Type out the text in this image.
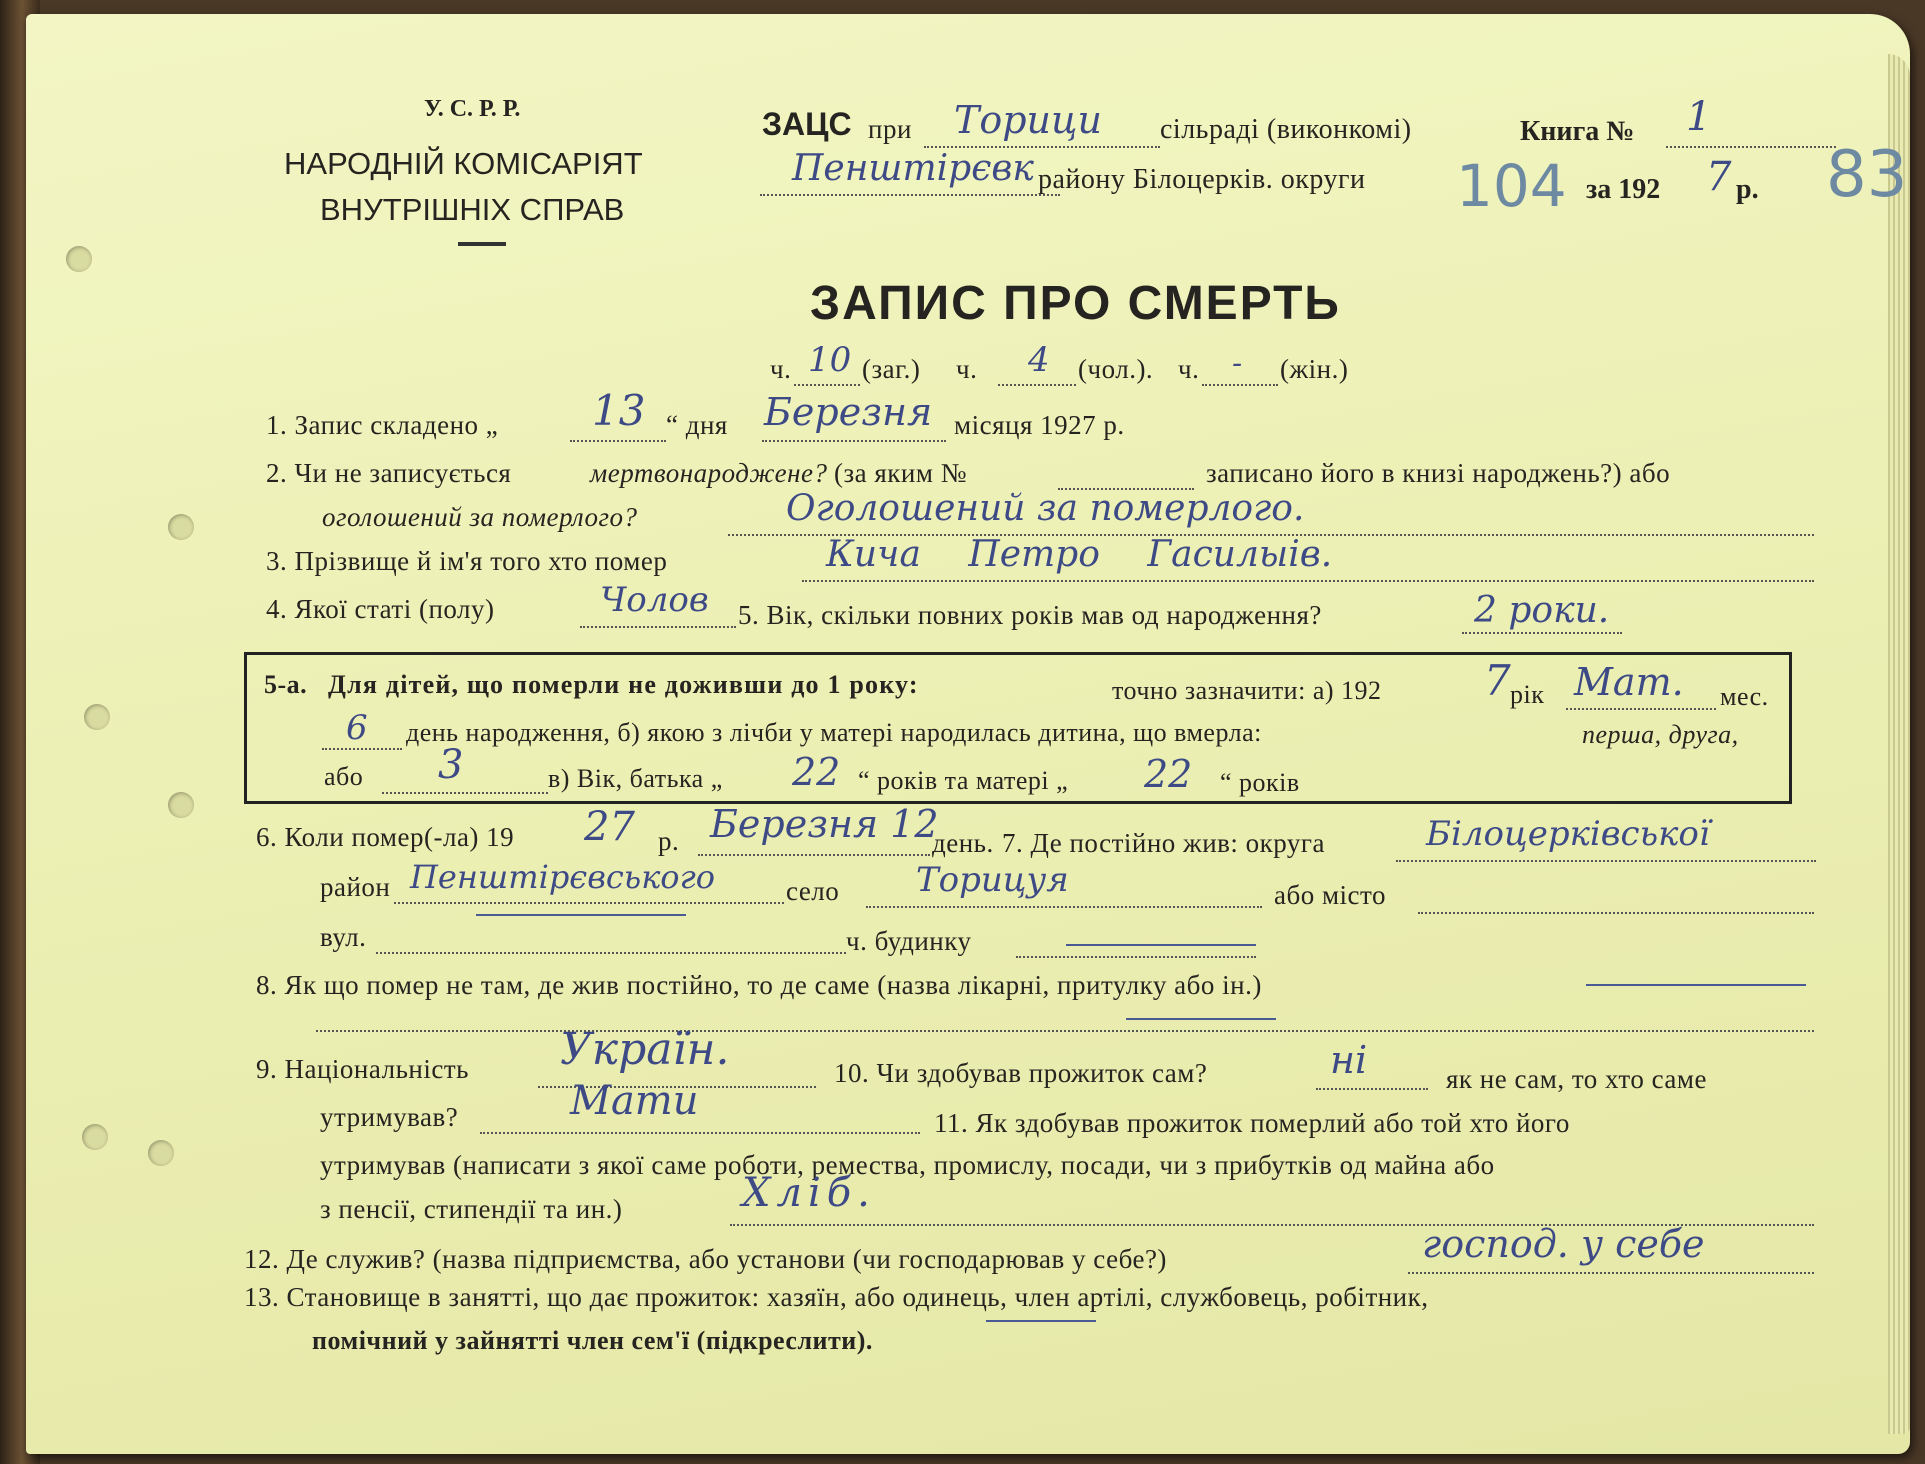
У. С. Р. Р.
НАРОДНІЙ КОМІСАРІЯТ
ВНУТРІШНІХ СПРАВ
ЗАЦС при Торици сільраді (виконкомі)	Книга № 1
Пенштірєвк району Білоцерків. округи 104 за 192 7 р. 83
ЗАПИС ПРО СМЕРТЬ
ч. 10 (заг.) ч. 4 (чол.). ч. - (жін.)
1. Запис складено „ 13 “ дня Березня місяця 1927 р.
2. Чи не записується	мертвонароджене? (за яким №	записано його в книзі народжень?) або
оголошений за померлого?	Оголошений за померлого.
3. Прізвище й ім'я того хто помер	Кича Петро Гасилыів.
4. Якої статі (полу)	Чолов 5. Вік, скільки повних років мав од народження?	2 роки.
5-а. Для дітей, що померли не доживши до 1 року:	точно зазначити: а) 192 7 рік Мат. мес.
6 день народження, б) якою з лічби у матері народилась дитина, що вмерла:	перша, друга,
або 3	в) Вік, батька „ 22 “ років та матері „ 22 “ років
6. Коли помер(-ла) 19 27 р. Березня 12
день. 7. Де постійно жив: округа	Білоцерківської
район Пенштірєвського	село Торицуя	або місто
вул.	ч. будинку
8. Як що помер не там, де жив постійно, то де саме (назва лікарні, притулку або ін.)
9. Національність Україн.	10. Чи здобував прожиток сам?	ні	як не сам, то хто саме
утримував?	Мати	11. Як здобував прожиток померлий або той хто його
утримував (написати з якої саме роботи, ремества, промислу, посади, чи з прибутків од майна або
з пенсії, стипендії та ин.)	Хліб.
12. Де служив? (назва підприємства, або установи (чи господарював у себе?)	господ. у себе
13. Становище в занятті, що дає прожиток: хазяїн, або одинець, член артілі, службовець, робітник,
помічний у зайнятті член сем'ї (підкреслити).
